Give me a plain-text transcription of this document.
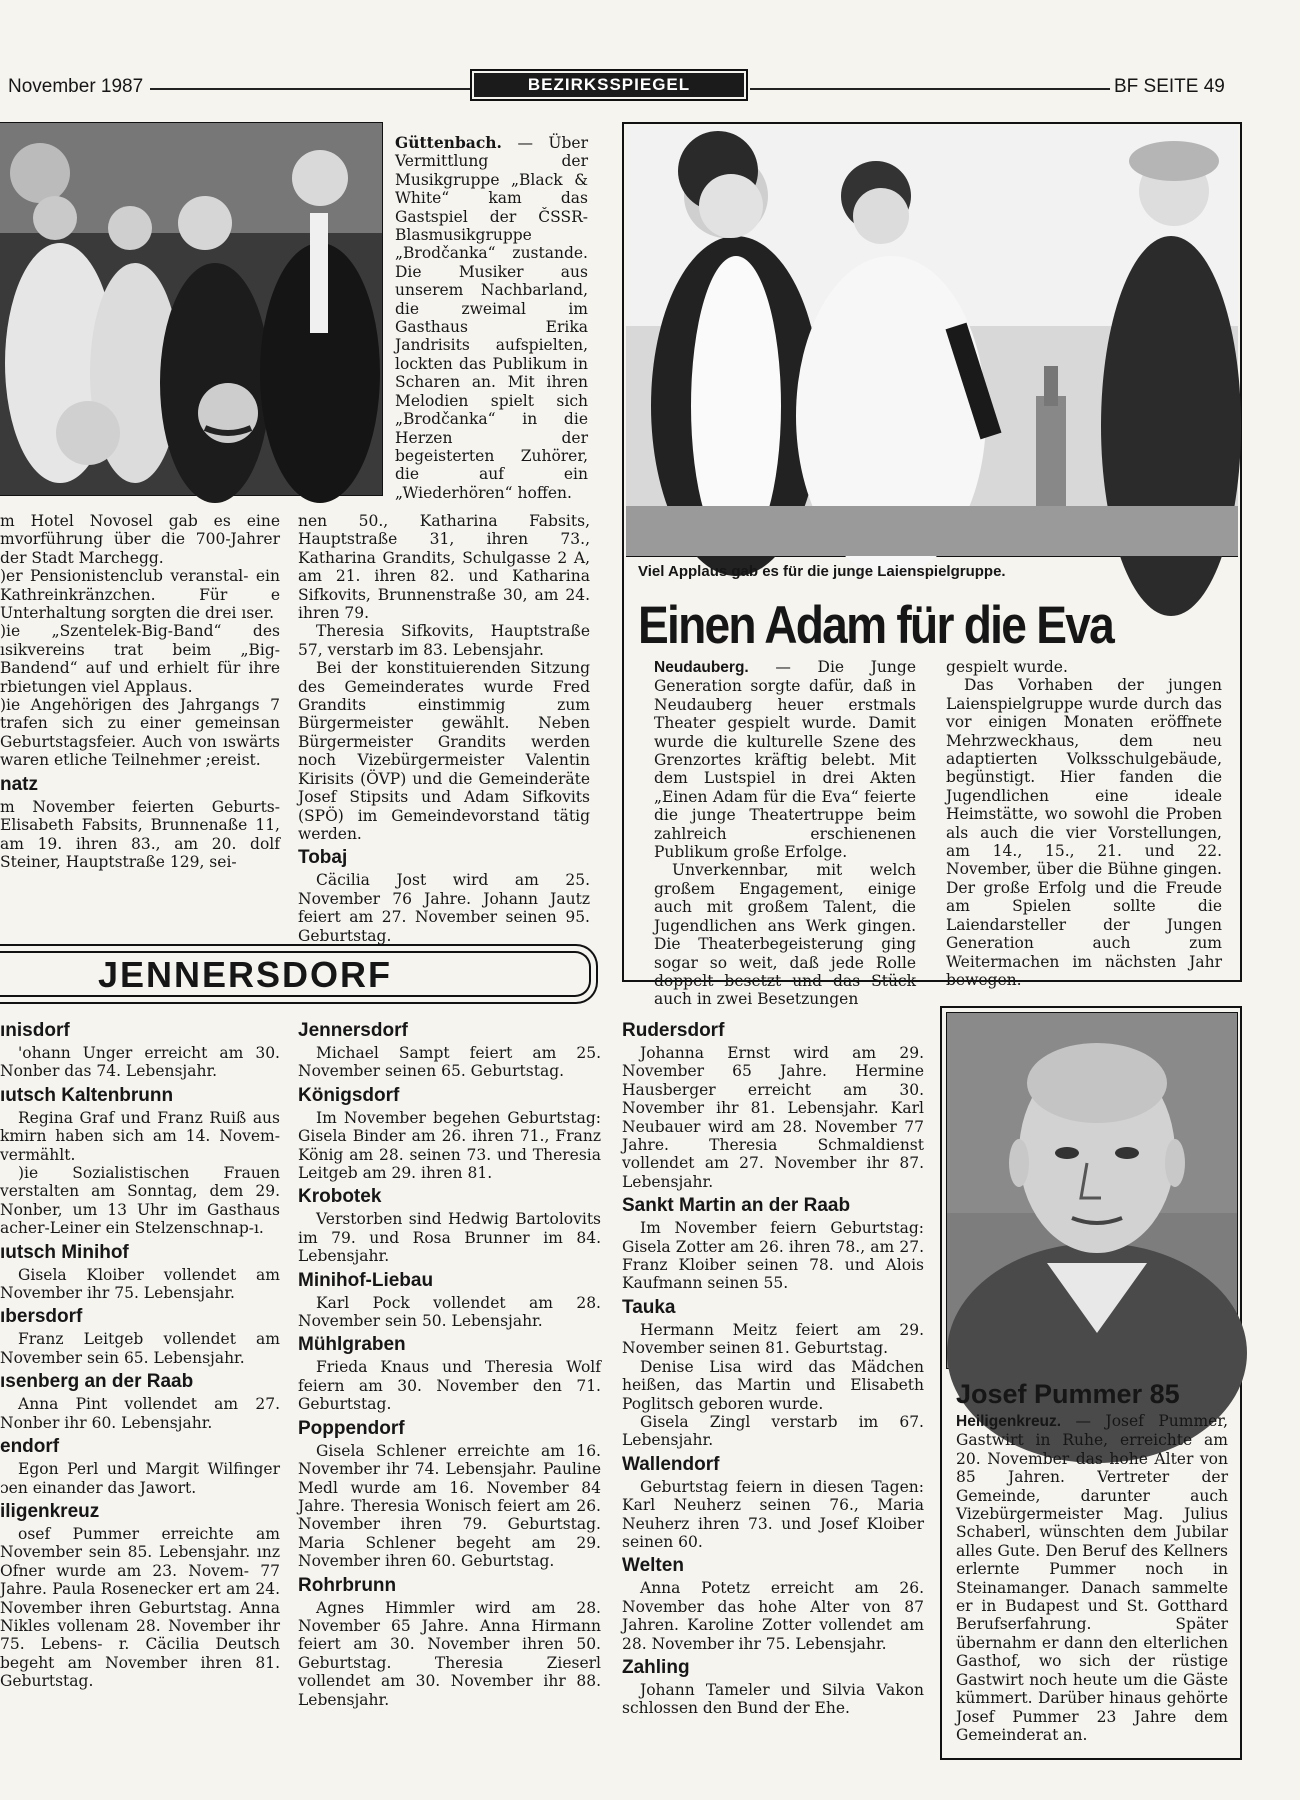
November 1987	BEZIRKSSPIEGEL	BF SEITE 49
Güttenbach. — Über Vermittlung der Musikgruppe „Black & White“ kam das Gastspiel der ČSSR-Blasmusikgruppe „Brodčanka“ zustande. Die Musiker aus unserem Nachbarland, die zweimal im Gasthaus Erika Jandrisits aufspielten, lockten das Publikum in Scharen an. Mit ihren Melodien spielt sich „Brodčanka“ in die Herzen der begeisterten Zuhörer, die auf ein „Wiederhören“ hoffen.

m Hotel Novosel gab es eine mvorführung über die 700-Jahrer der Stadt Marchegg.

)er Pensionistenclub veranstal- ein Kathreinkränzchen. Für e Unterhaltung sorgten die drei ıser.

)ie „Szentelek-Big-Band“ des ısikvereins trat beim „Big-Bandend“ auf und erhielt für ihre rbietungen viel Applaus.

)ie Angehörigen des Jahrgangs 7 trafen sich zu einer gemeinsan Geburtstagsfeier. Auch von ıswärts waren etliche Teilnehmer ;ereist.

natz

m November feierten Geburts- Elisabeth Fabsits, Brunnenaße 11, am 19. ihren 83., am 20. dolf Steiner, Hauptstraße 129, sei-

nen 50., Katharina Fabsits, Hauptstraße 31, ihren 73., Katharina Grandits, Schulgasse 2 A, am 21. ihren 82. und Katharina Sifkovits, Brunnenstraße 30, am 24. ihren 79.

Theresia Sifkovits, Hauptstraße 57, verstarb im 83. Lebensjahr.

Bei der konstituierenden Sitzung des Gemeinderates wurde Fred Grandits einstimmig zum Bürgermeister gewählt. Neben Bürgermeister Grandits werden noch Vizebürgermeister Valentin Kirisits (ÖVP) und die Gemeinderäte Josef Stipsits und Adam Sifkovits (SPÖ) im Gemeindevorstand tätig werden.

Tobaj

Cäcilia Jost wird am 25. November 76 Jahre. Johann Jautz feiert am 27. November seinen 95. Geburtstag.

Viel Applaus gab es für die junge Laienspielgruppe.
Einen Adam für die Eva

Neudauberg. — Die Junge Generation sorgte dafür, daß in Neudauberg heuer erstmals Theater gespielt wurde. Damit wurde die kulturelle Szene des Grenzortes kräftig belebt. Mit dem Lustspiel in drei Akten „Einen Adam für die Eva“ feierte die junge Theatertruppe beim zahlreich erschienenen Publikum große Erfolge.

Unverkennbar, mit welch großem Engagement, einige auch mit großem Talent, die Jugendlichen ans Werk gingen. Die Theaterbegeisterung ging sogar so weit, daß jede Rolle doppelt besetzt und das Stück auch in zwei Besetzungen

gespielt wurde.

Das Vorhaben der jungen Laienspielgruppe wurde durch das vor einigen Monaten eröffnete Mehrzweckhaus, dem neu adaptierten Volksschulgebäude, begünstigt. Hier fanden die Jugendlichen eine ideale Heimstätte, wo sowohl die Proben als auch die vier Vorstellungen, am 14., 15., 21. und 22. November, über die Bühne gingen. Der große Erfolg und die Freude am Spielen sollte die Laiendarsteller der Jungen Generation auch zum Weitermachen im nächsten Jahr bewegen.

JENNERSDORF
ınisdorf

'ohann Unger erreicht am 30. Nonber das 74. Lebensjahr.

ıutsch Kaltenbrunn

Regina Graf und Franz Ruiß aus kmirn haben sich am 14. Novem- vermählt.

)ie Sozialistischen Frauen verstalten am Sonntag, dem 29. Nonber, um 13 Uhr im Gasthaus acher-Leiner ein Stelzenschnap-ı.

ıutsch Minihof

Gisela Kloiber vollendet am November ihr 75. Lebensjahr.

ıbersdorf

Franz Leitgeb vollendet am November sein 65. Lebensjahr.

ısenberg an der Raab

Anna Pint vollendet am 27. Nonber ihr 60. Lebensjahr.

endorf

Egon Perl und Margit Wilfinger ɔen einander das Jawort.

iligenkreuz

osef Pummer erreichte am November sein 85. Lebensjahr. ınz Ofner wurde am 23. Novem- 77 Jahre. Paula Rosenecker ert am 24. November ihren Geburtstag. Anna Nikles vollenam 28. November ihr 75. Lebens- r. Cäcilia Deutsch begeht am November ihren 81. Geburtstag.

Jennersdorf

Michael Sampt feiert am 25. November seinen 65. Geburtstag.

Königsdorf

Im November begehen Geburtstag: Gisela Binder am 26. ihren 71., Franz König am 28. seinen 73. und Theresia Leitgeb am 29. ihren 81.

Krobotek

Verstorben sind Hedwig Bartolovits im 79. und Rosa Brunner im 84. Lebensjahr.

Minihof-Liebau

Karl Pock vollendet am 28. November sein 50. Lebensjahr.

Mühlgraben

Frieda Knaus und Theresia Wolf feiern am 30. November den 71. Geburtstag.

Poppendorf

Gisela Schlener erreichte am 16. November ihr 74. Lebensjahr. Pauline Medl wurde am 16. November 84 Jahre. Theresia Wonisch feiert am 26. November ihren 79. Geburtstag. Maria Schlener begeht am 29. November ihren 60. Geburtstag.

Rohrbrunn

Agnes Himmler wird am 28. November 65 Jahre. Anna Hirmann feiert am 30. November ihren 50. Geburtstag. Theresia Zieserl vollendet am 30. November ihr 88. Lebensjahr.

Rudersdorf

Johanna Ernst wird am 29. November 65 Jahre. Hermine Hausberger erreicht am 30. November ihr 81. Lebensjahr. Karl Neubauer wird am 28. November 77 Jahre. Theresia Schmaldienst vollendet am 27. November ihr 87. Lebensjahr.

Sankt Martin an der Raab

Im November feiern Geburtstag: Gisela Zotter am 26. ihren 78., am 27. Franz Kloiber seinen 78. und Alois Kaufmann seinen 55.

Tauka

Hermann Meitz feiert am 29. November seinen 81. Geburtstag.

Denise Lisa wird das Mädchen heißen, das Martin und Elisabeth Poglitsch geboren wurde.

Gisela Zingl verstarb im 67. Lebensjahr.

Wallendorf

Geburtstag feiern in diesen Tagen: Karl Neuherz seinen 76., Maria Neuherz ihren 73. und Josef Kloiber seinen 60.

Welten

Anna Potetz erreicht am 26. November das hohe Alter von 87 Jahren. Karoline Zotter vollendet am 28. November ihr 75. Lebensjahr.

Zahling

Johann Tameler und Silvia Vakon schlossen den Bund der Ehe.

Josef Pummer 85
Heiligenkreuz. — Josef Pummer, Gastwirt in Ruhe, erreichte am 20. November das hohe Alter von 85 Jahren. Vertreter der Gemeinde, darunter auch Vizebürgermeister Mag. Julius Schaberl, wünschten dem Jubilar alles Gute. Den Beruf des Kellners erlernte Pummer noch in Steinamanger. Danach sammelte er in Budapest und St. Gotthard Berufserfahrung. Später übernahm er dann den elterlichen Gasthof, wo sich der rüstige Gastwirt noch heute um die Gäste kümmert. Darüber hinaus gehörte Josef Pummer 23 Jahre dem Gemeinderat an.
